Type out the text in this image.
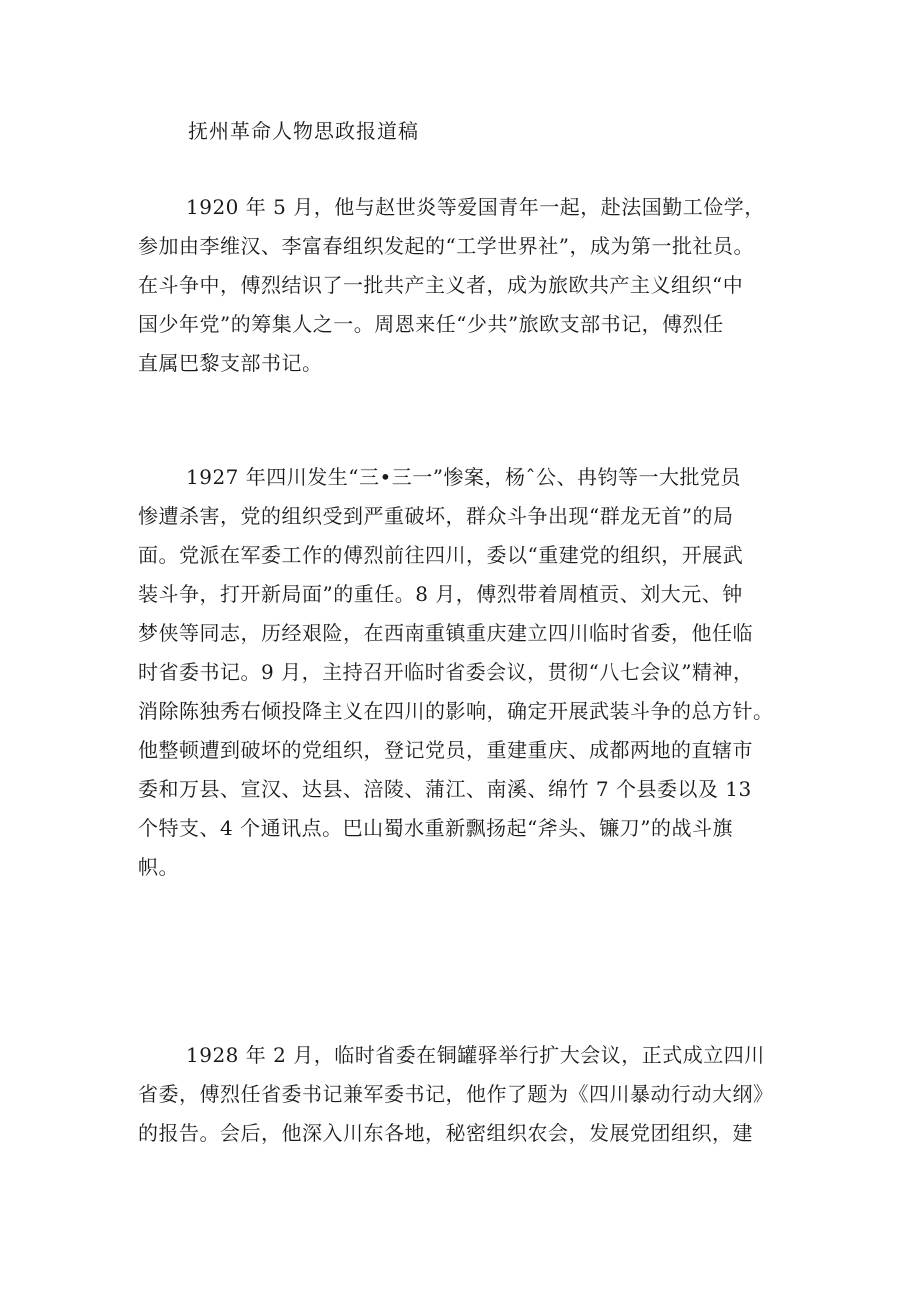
抚州革命人物思政报道稿
1920 年 5 月，他与赵世炎等爱国青年一起，赴法国勤工俭学，
参加由李维汉、李富春组织发起的“工学世界社”，成为第一批社员。
在斗争中，傅烈结识了一批共产主义者，成为旅欧共产主义组织“中
国少年党”的筹集人之一。周恩来任“少共”旅欧支部书记，傅烈任
直属巴黎支部书记。
1927 年四川发生“三•三一”惨案，杨ˆ公、冉钧等一大批党员
惨遭杀害，党的组织受到严重破坏，群众斗争出现“群龙无首”的局
面。党派在军委工作的傅烈前往四川，委以“重建党的组织，开展武
装斗争，打开新局面”的重任。8 月，傅烈带着周植贡、刘大元、钟
梦侠等同志，历经艰险，在西南重镇重庆建立四川临时省委，他任临
时省委书记。9 月，主持召开临时省委会议，贯彻“八七会议”精神，
消除陈独秀右倾投降主义在四川的影响，确定开展武装斗争的总方针。
他整顿遭到破坏的党组织，登记党员，重建重庆、成都两地的直辖市
委和万县、宣汉、达县、涪陵、蒲江、南溪、绵竹 7 个县委以及 13
个特支、4 个通讯点。巴山蜀水重新飘扬起“斧头、镰刀”的战斗旗
帜。
1928 年 2 月，临时省委在铜罐驿举行扩大会议，正式成立四川
省委，傅烈任省委书记兼军委书记，他作了题为《四川暴动行动大纲》
的报告。会后，他深入川东各地，秘密组织农会，发展党团组织，建
